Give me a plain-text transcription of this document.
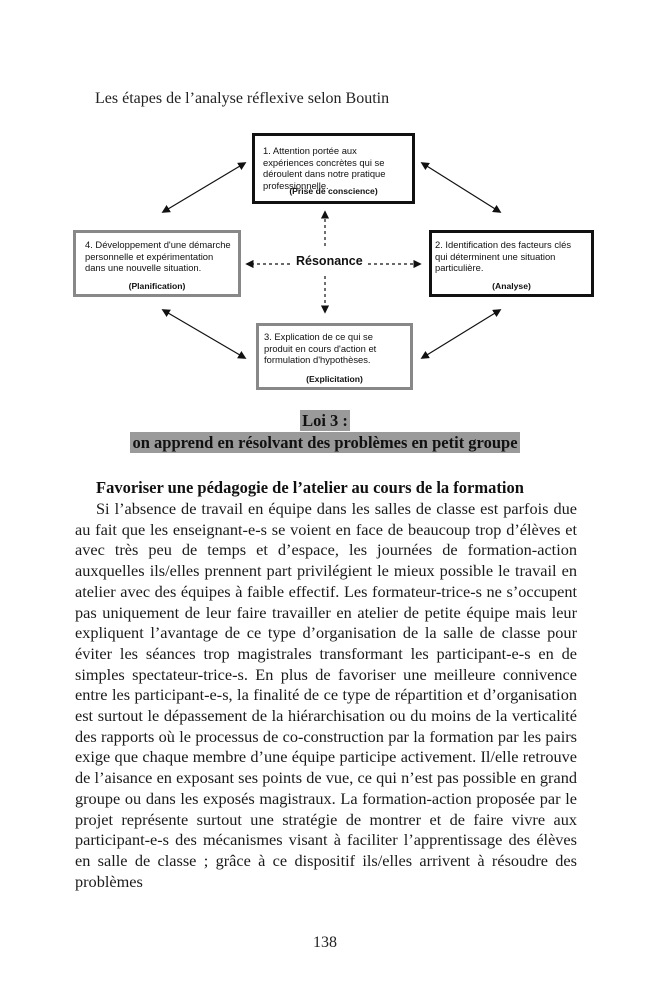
Les étapes de l’analyse réflexive selon Boutin
1. Attention portée aux expériences concrètes qui se déroulent dans notre pratique professionnelle.
(Prise de conscience)
4. Développement d'une démarche personnelle et expérimentation dans une nouvelle situation.
(Planification)
2. Identification des facteurs clés qui déterminent une situation particulière.
(Analyse)
3. Explication de ce qui se produit en cours d'action et formulation d'hypothèses.
(Explicitation)
Résonance
Loi 3 :
on apprend en résolvant des problèmes en petit groupe
Favoriser une pédagogie de l’atelier au cours de la formation

Si l’absence de travail en équipe dans les salles de classe est parfois due au fait que les enseignant-e-s se voient en face de beaucoup trop d’élèves et avec très peu de temps et d’espace, les journées de formation-action auxquelles ils/elles prennent part privilégient le mieux possible le travail en atelier avec des équipes à faible effectif. Les formateur-trice-s ne s’occupent pas uniquement de leur faire travailler en atelier de petite équipe mais leur expliquent l’avantage de ce type d’organisation de la salle de classe pour éviter les séances trop magistrales transformant les participant-e-s en de simples spectateur-trice-s. En plus de favoriser une meilleure connivence entre les participant-e-s, la finalité de ce type de répartition et d’organisation est surtout le dépassement de la hiérarchisation ou du moins de la verticalité des rapports où le processus de co-construction par la formation par les pairs exige que chaque membre d’une équipe participe activement. Il/elle retrouve de l’aisance en exposant ses points de vue, ce qui n’est pas possible en grand groupe ou dans les exposés magistraux. La formation-action proposée par le projet représente surtout une stratégie de montrer et de faire vivre aux participant-e-s des mécanismes visant à faciliter l’apprentissage des élèves en salle de classe ; grâce à ce dispositif ils/elles arrivent à résoudre des problèmes

138
